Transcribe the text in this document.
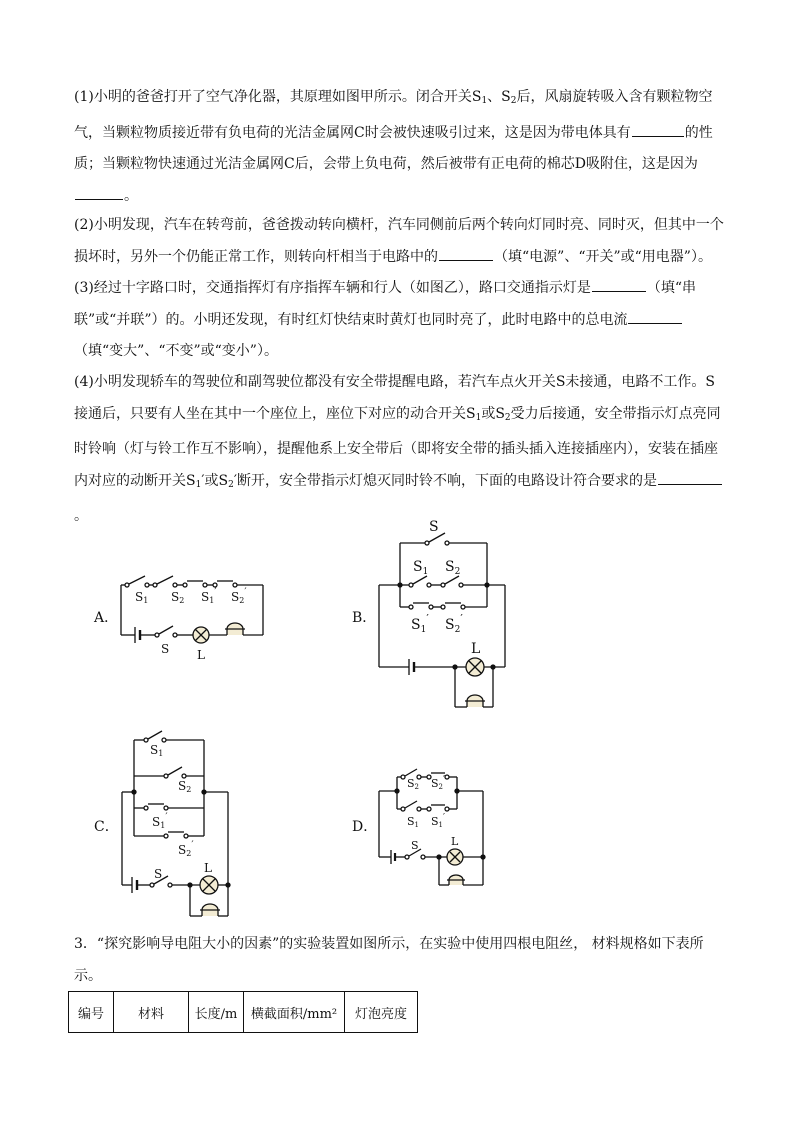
(1)小明的爸爸打开了空气净化器，其原理如图甲所示。闭合开关$S_1$、$S_2$后，风扇旋转吸入含有颗粒物空气，当颗粒物质接近带有负电荷的光洁金属网C时会被快速吸引过来，这是因为带电体具有	的性质；当颗粒物快速通过光洁金属网C后，会带上负电荷，然后被带有正电荷的棉芯D吸附住，这是因为。

(2)小明发现，汽车在转弯前，爸爸拨动转向横杆，汽车同侧前后两个转向灯同时亮、同时灭，但其中一个损坏时，另外一个仍能正常工作，则转向杆相当于电路中的	（填“电源”、“开关”或“用电器”）。

(3)经过十字路口时，交通指挥灯有序指挥车辆和行人（如图乙），路口交通指示灯是	（填“串联”或“并联”）的。小明还发现，有时红灯快结束时黄灯也同时亮了，此时电路中的总电流（填“变大”、“不变”或“变小”）。

(4)小明发现轿车的驾驶位和副驾驶位都没有安全带提醒电路，若汽车点火开关S未接通，电路不工作。S接通后，只要有人坐在其中一个座位上，座位下对应的动合开关$S_1$或$S_2$受力后接通，安全带指示灯点亮同时铃响（灯与铃工作互不影响），提醒他系上安全带后（即将安全带的插头插入连接插座内），安装在插座内对应的动断开关$S_1'$或$S_2'$断开，安全带指示灯熄灭同时铃不响，下面的电路设计符合要求的是。

A．	B．
C．	D．
S1 S2 S1′ S2′
S L
S
$S_1$ $S_2$
$S_1'$ $S_2'$
L
S1
S2
S1′
S2′
S	L
S2 S2′
S1 S1′
S	L

3．“探究影响导电阻大小的因素”的实验装置如图所示，在实验中使用四根电阻丝， 材料规格如下表所示。

编号	材料	长度/m	横截面积/mm²	灯泡亮度
